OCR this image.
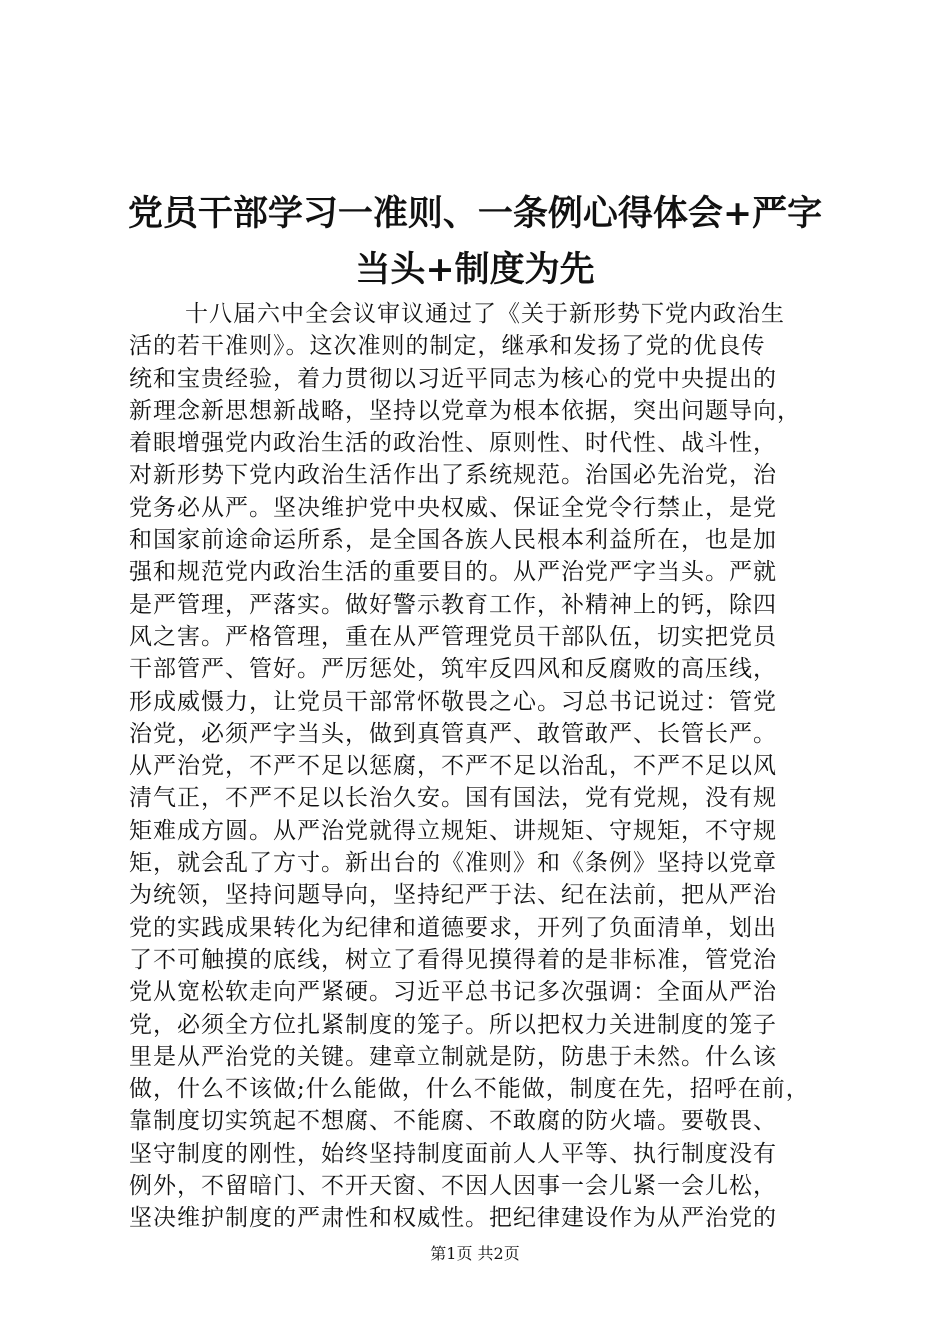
党员干部学习一准则、一条例心得体会+严字
当头+制度为先
十八届六中全会议审议通过了《关于新形势下党内政治生
活的若干准则》。这次准则的制定，继承和发扬了党的优良传
统和宝贵经验，着力贯彻以习近平同志为核心的党中央提出的
新理念新思想新战略，坚持以党章为根本依据，突出问题导向，
着眼增强党内政治生活的政治性、原则性、时代性、战斗性，
对新形势下党内政治生活作出了系统规范。治国必先治党，治
党务必从严。坚决维护党中央权威、保证全党令行禁止，是党
和国家前途命运所系，是全国各族人民根本利益所在，也是加
强和规范党内政治生活的重要目的。从严治党严字当头。严就
是严管理，严落实。做好警示教育工作，补精神上的钙，除四
风之害。严格管理，重在从严管理党员干部队伍，切实把党员
干部管严、管好。严厉惩处，筑牢反四风和反腐败的高压线，
形成威慑力，让党员干部常怀敬畏之心。习总书记说过：管党
治党，必须严字当头，做到真管真严、敢管敢严、长管长严。
从严治党，不严不足以惩腐，不严不足以治乱，不严不足以风
清气正，不严不足以长治久安。国有国法，党有党规，没有规
矩难成方圆。从严治党就得立规矩、讲规矩、守规矩，不守规
矩，就会乱了方寸。新出台的《准则》和《条例》坚持以党章
为统领，坚持问题导向，坚持纪严于法、纪在法前，把从严治
党的实践成果转化为纪律和道德要求，开列了负面清单，划出
了不可触摸的底线，树立了看得见摸得着的是非标准，管党治
党从宽松软走向严紧硬。习近平总书记多次强调：全面从严治
党，必须全方位扎紧制度的笼子。所以把权力关进制度的笼子
里是从严治党的关键。建章立制就是防，防患于未然。什么该
做，什么不该做;什么能做，什么不能做，制度在先，招呼在前，
靠制度切实筑起不想腐、不能腐、不敢腐的防火墙。要敬畏、
坚守制度的刚性，始终坚持制度面前人人平等、执行制度没有
例外，不留暗门、不开天窗、不因人因事一会儿紧一会儿松，
坚决维护制度的严肃性和权威性。把纪律建设作为从严治党的
第1页 共2页
